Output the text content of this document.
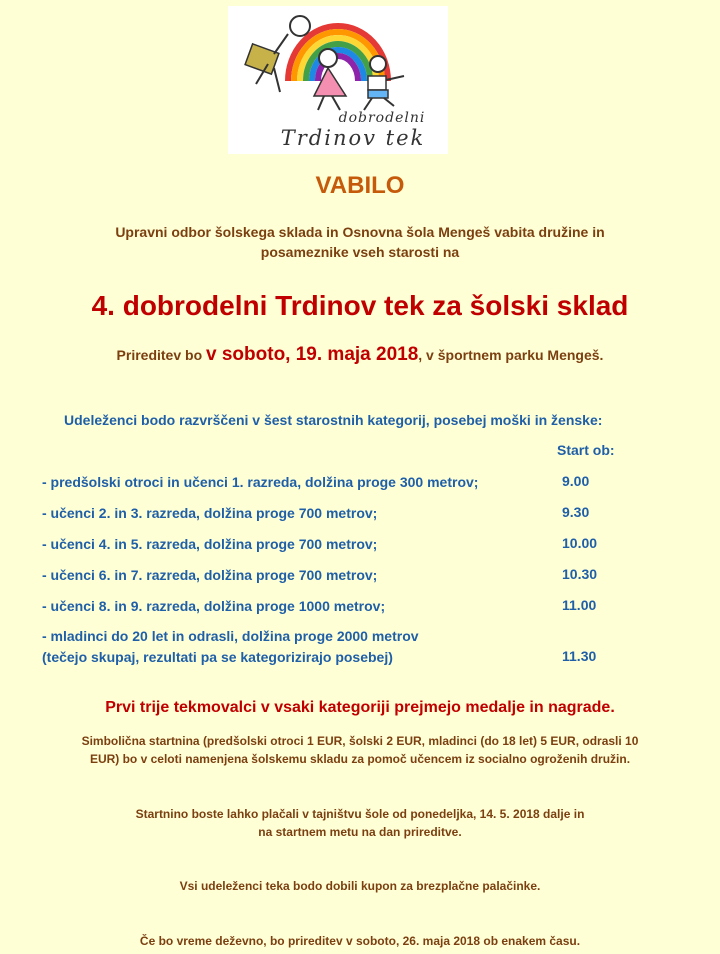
dobrodelni
Trdinov tek
VABILO
Upravni odbor šolskega sklada in Osnovna šola Mengeš vabita družine in
posameznike vseh starosti na
4. dobrodelni Trdinov tek za šolski sklad
Prireditev bo v soboto, 19. maja 2018, v športnem parku Mengeš.
Udeleženci bodo razvrščeni v šest starostnih kategorij, posebej moški in ženske:
Start ob:
- predšolski otroci in učenci 1. razreda, dolžina proge 300 metrov;	9.00
- učenci 2. in 3. razreda, dolžina proge 700 metrov;	9.30
- učenci 4. in 5. razreda, dolžina proge 700 metrov;	10.00
- učenci 6. in 7. razreda, dolžina proge 700 metrov;	10.30
- učenci 8. in 9. razreda, dolžina proge 1000 metrov;	11.00
- mladinci do 20 let in odrasli, dolžina proge 2000 metrov
(tečejo skupaj, rezultati pa se kategorizirajo posebej)	11.30
Prvi trije tekmovalci v vsaki kategoriji prejmejo medalje in nagrade.
Simbolična startnina (predšolski otroci 1 EUR, šolski 2 EUR, mladinci (do 18 let) 5 EUR, odrasli 10
EUR) bo v celoti namenjena šolskemu skladu za pomoč učencem iz socialno ogroženih družin.
Startnino boste lahko plačali v tajništvu šole od ponedeljka, 14. 5. 2018 dalje in
na startnem metu na dan prireditve.
Vsi udeleženci teka bodo dobili kupon za brezplačne palačinke.
Če bo vreme deževno, bo prireditev v soboto, 26. maja 2018 ob enakem času.
